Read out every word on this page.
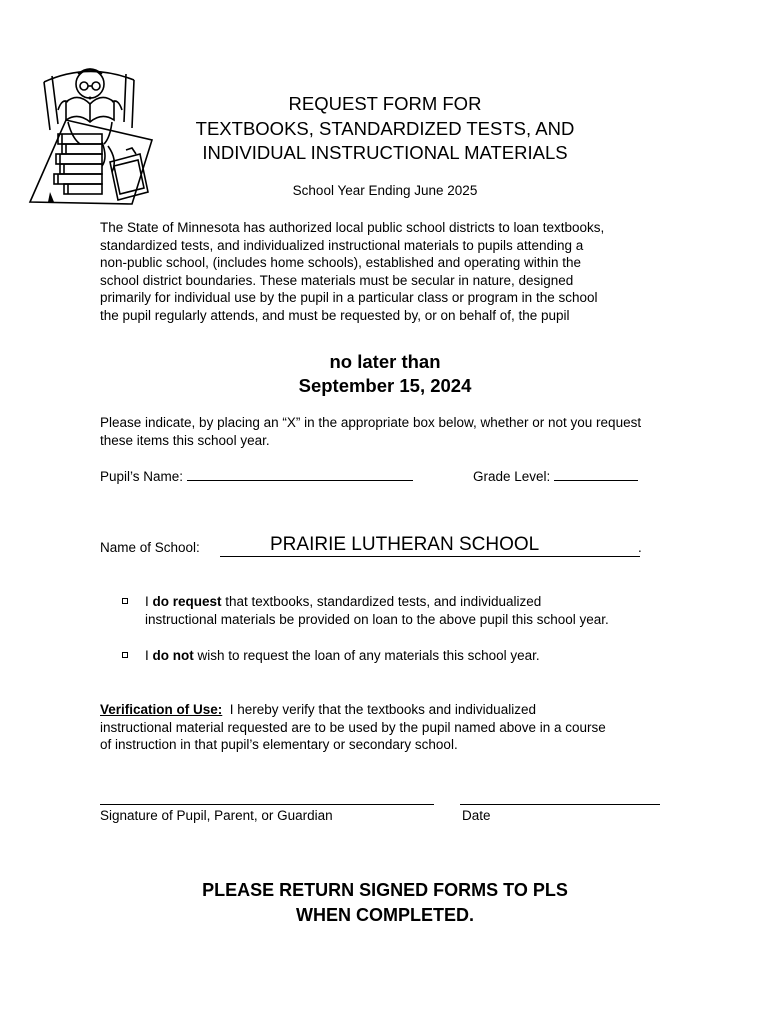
REQUEST FORM FOR
TEXTBOOKS, STANDARDIZED TESTS, AND
INDIVIDUAL INSTRUCTIONAL MATERIALS
School Year Ending June 2025
The State of Minnesota has authorized local public school districts to loan textbooks,
standardized tests, and individualized instructional materials to pupils attending a
non-public school, (includes home schools), established and operating within the
school district boundaries. These materials must be secular in nature, designed
primarily for individual use by the pupil in a particular class or program in the school
the pupil regularly attends, and must be requested by, or on behalf of, the pupil
no later than
September 15, 2024
Please indicate, by placing an “X” in the appropriate box below, whether or not you request these items this school year.
Pupil’s Name:	Grade Level:
Name of School:	PRAIRIE LUTHERAN SCHOOL	.
I do request that textbooks, standardized tests, and individualized
instructional materials be provided on loan to the above pupil this school year.
I do not wish to request the loan of any materials this school year.
Verification of Use:  I hereby verify that the textbooks and individualized
instructional material requested are to be used by the pupil named above in a course
of instruction in that pupil’s elementary or secondary school.
Signature of Pupil, Parent, or Guardian	Date
PLEASE RETURN SIGNED FORMS TO PLS
WHEN COMPLETED.
